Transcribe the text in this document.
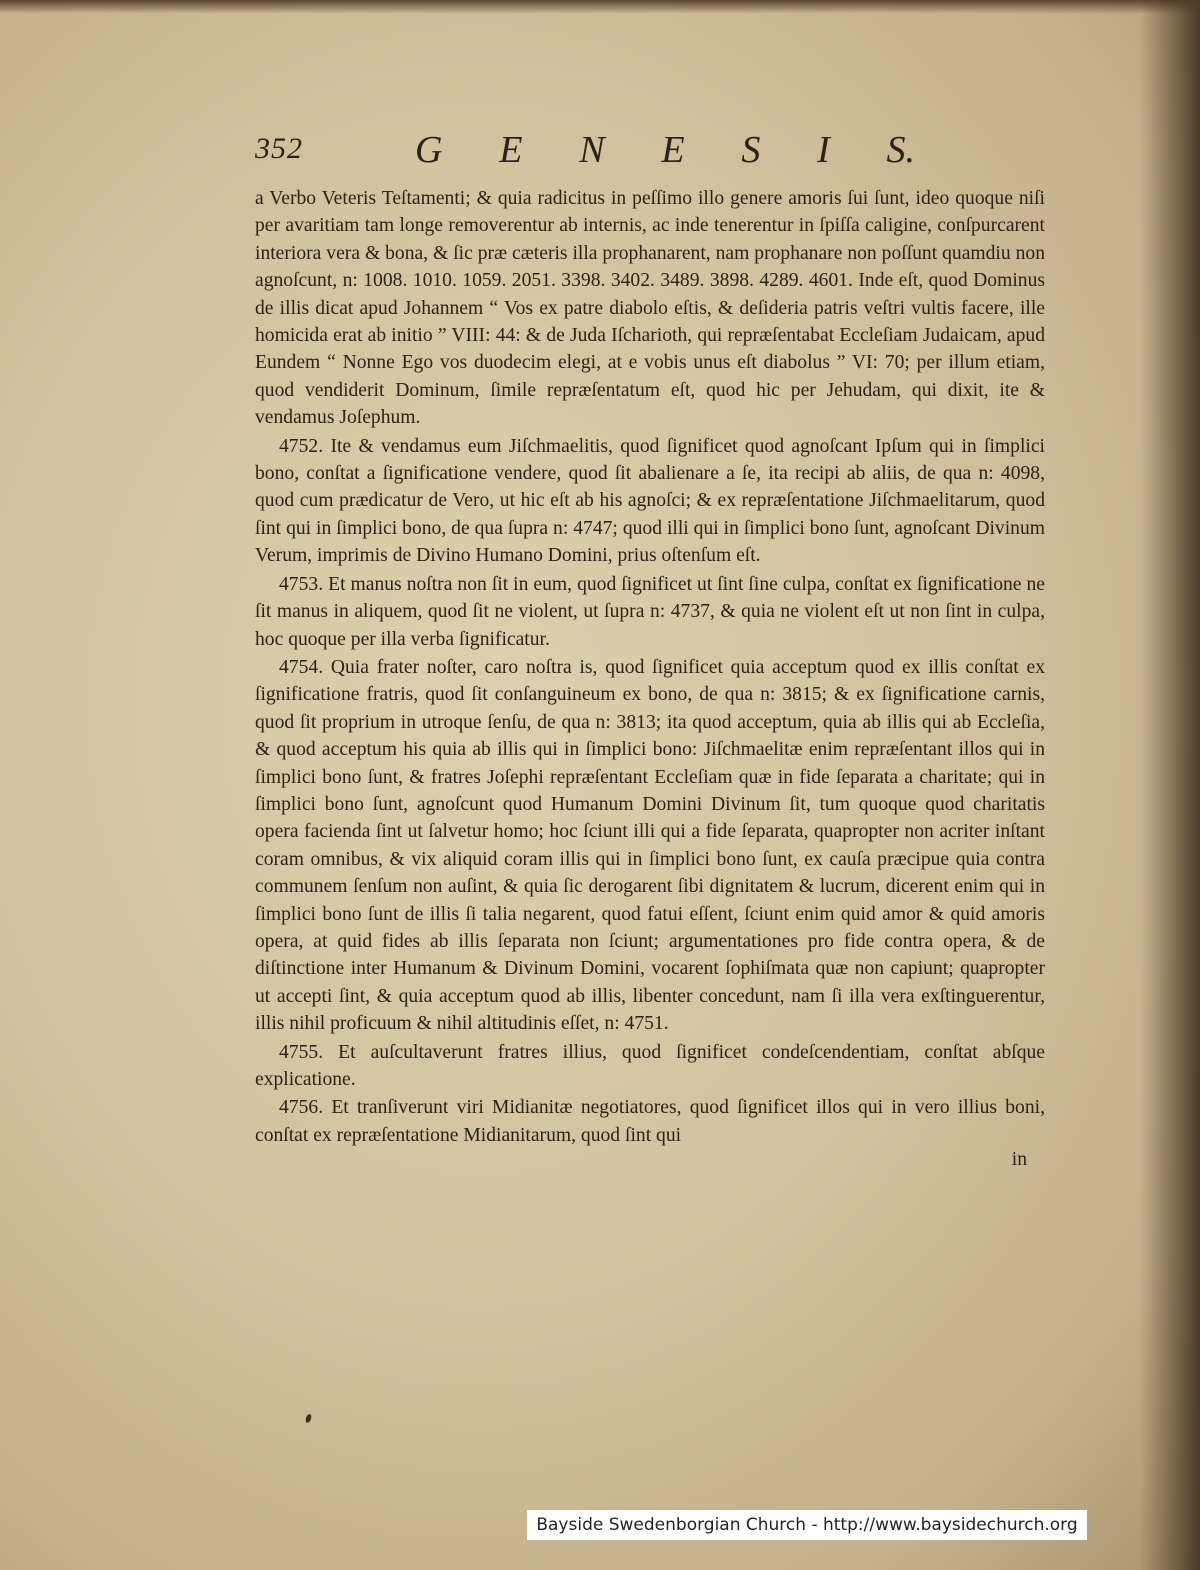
352	G E N E S I S.

a Verbo Veteris Teſtamenti; & quia radicitus in peſſimo illo genere amoris ſui ſunt, ideo quoque niſi per avaritiam tam longe removerentur ab internis, ac inde tenerentur in ſpiſſa caligine, conſpurcarent interiora vera & bona, & ſic præ cæteris illa prophanarent, nam prophanare non poſſunt quamdiu non agnoſcunt, n: 1008. 1010. 1059. 2051. 3398. 3402. 3489. 3898. 4289. 4601. Inde eſt, quod Dominus de illis dicat apud Johannem “ Vos ex patre diabolo eſtis, & deſideria patris veſtri vultis facere, ille homicida erat ab initio ” VIII: 44: & de Juda Iſcharioth, qui repræſentabat Eccleſiam Judaicam, apud Eundem “ Nonne Ego vos duodecim elegi, at e vobis unus eſt diabolus ” VI: 70; per illum etiam, quod vendiderit Dominum, ſimile repræſentatum eſt, quod hic per Jehudam, qui dixit, ite & vendamus Joſephum.

4752. Ite & vendamus eum Jiſchmaelitis, quod ſignificet quod agnoſcant Ipſum qui in ſimplici bono, conſtat a ſignificatione vendere, quod ſit abalienare a ſe, ita recipi ab aliis, de qua n: 4098, quod cum prædicatur de Vero, ut hic eſt ab his agnoſci; & ex repræſentatione Jiſchmaelitarum, quod ſint qui in ſimplici bono, de qua ſupra n: 4747; quod illi qui in ſimplici bono ſunt, agnoſcant Divinum Verum, imprimis de Divino Humano Domini, prius oſtenſum eſt.

4753. Et manus noſtra non ſit in eum, quod ſignificet ut ſint ſine culpa, conſtat ex ſignificatione ne ſit manus in aliquem, quod ſit ne violent, ut ſupra n: 4737, & quia ne violent eſt ut non ſint in culpa, hoc quoque per illa verba ſignificatur.

4754. Quia frater noſter, caro noſtra is, quod ſignificet quia acceptum quod ex illis conſtat ex ſignificatione fratris, quod ſit conſanguineum ex bono, de qua n: 3815; & ex ſignificatione carnis, quod ſit proprium in utroque ſenſu, de qua n: 3813; ita quod acceptum, quia ab illis qui ab Eccleſia, & quod acceptum his quia ab illis qui in ſimplici bono: Jiſchmaelitæ enim repræſentant illos qui in ſimplici bono ſunt, & fratres Joſephi repræſentant Eccleſiam quæ in fide ſeparata a charitate; qui in ſimplici bono ſunt, agnoſcunt quod Humanum Domini Divinum ſit, tum quoque quod charitatis opera facienda ſint ut ſalvetur homo; hoc ſciunt illi qui a fide ſeparata, quapropter non acriter inſtant coram omnibus, & vix aliquid coram illis qui in ſimplici bono ſunt, ex cauſa præcipue quia contra communem ſenſum non auſint, & quia ſic derogarent ſibi dignitatem & lucrum, dicerent enim qui in ſimplici bono ſunt de illis ſi talia negarent, quod fatui eſſent, ſciunt enim quid amor & quid amoris opera, at quid fides ab illis ſeparata non ſciunt; argumentationes pro fide contra opera, & de diſtinctione inter Humanum & Divinum Domini, vocarent ſophiſmata quæ non capiunt; quapropter ut accepti ſint, & quia acceptum quod ab illis, libenter concedunt, nam ſi illa vera exſtinguerentur, illis nihil proficuum & nihil altitudinis eſſet, n: 4751.

4755. Et auſcultaverunt fratres illius, quod ſignificet condeſcendentiam, conſtat abſque explicatione.

4756. Et tranſiverunt viri Midianitæ negotiatores, quod ſignificet illos qui in vero illius boni, conſtat ex repræſentatione Midianitarum, quod ſint qui

in
Bayside Swedenborgian Church - http://www.baysidechurch.org
